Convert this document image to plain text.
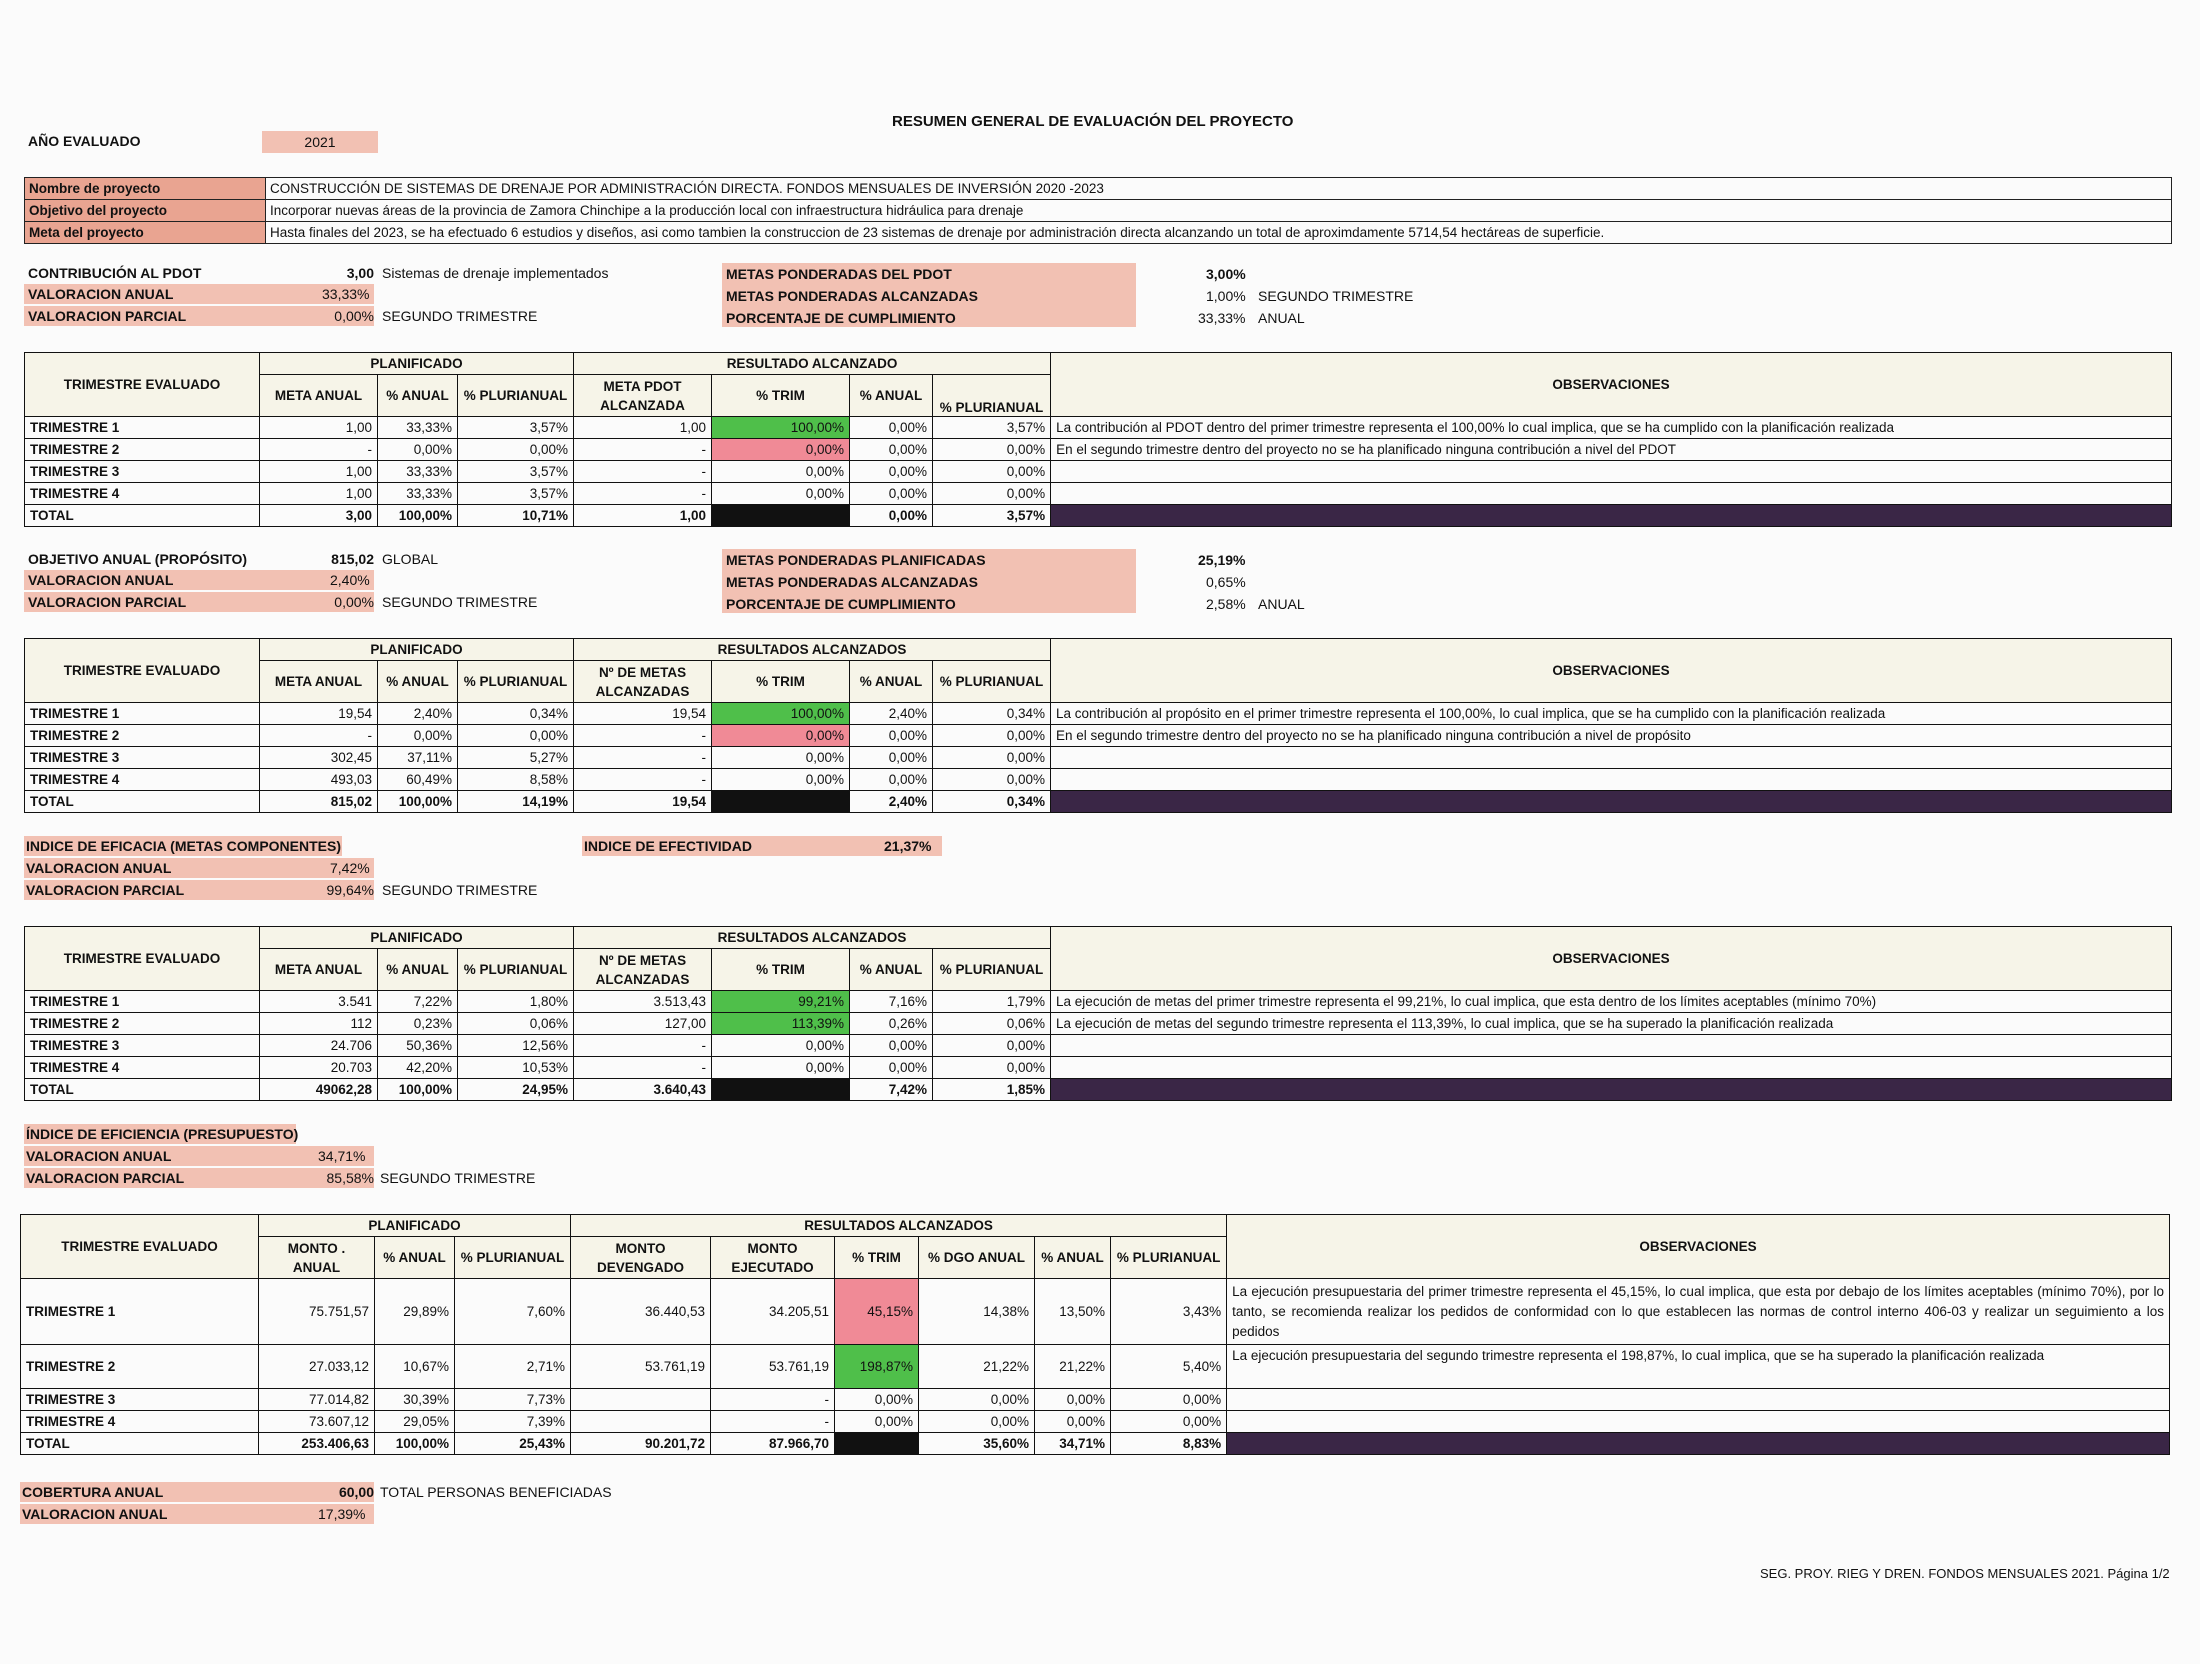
RESUMEN GENERAL DE EVALUACIÓN DEL PROYECTO
AÑO EVALUADO	2021
Nombre de proyecto	CONSTRUCCIÓN DE SISTEMAS DE DRENAJE POR ADMINISTRACIÓN DIRECTA. FONDOS MENSUALES DE INVERSIÓN 2020 -2023
Objetivo del proyecto	Incorporar nuevas áreas de la provincia de Zamora Chinchipe a la producción local con infraestructura hidráulica para drenaje
Meta del proyecto	Hasta finales del 2023, se ha efectuado 6 estudios y diseños, asi como tambien la construccion de 23 sistemas de drenaje por administración directa alcanzando un total de aproximdamente 5714,54 hectáreas de superficie.
CONTRIBUCIÓN AL PDOT	3,00 Sistemas de drenaje implementados
VALORACION ANUAL	33,33%
VALORACION PARCIAL	0,00% SEGUNDO TRIMESTRE
METAS PONDERADAS DEL PDOT	3,00%
METAS PONDERADAS ALCANZADAS	1,00% SEGUNDO TRIMESTRE
PORCENTAJE DE CUMPLIMIENTO	33,33% ANUAL
TRIMESTRE EVALUADO	PLANIFICADO			RESULTADO ALCANZADO				OBSERVACIONES
	META ANUAL	% ANUAL	% PLURIANUAL	META PDOT ALCANZADA	% TRIM	% ANUAL	% PLURIANUAL	
TRIMESTRE 1	1,00	33,33%	3,57%	1,00	100,00%	0,00%	3,57%	La contribución al PDOT dentro del primer trimestre representa el 100,00% lo cual implica, que se ha cumplido con la planificación realizada
TRIMESTRE 2	-	0,00%	0,00%	-	0,00%	0,00%	0,00%	En el segundo trimestre dentro del proyecto no se ha planificado ninguna contribución a nivel del PDOT
TRIMESTRE 3	1,00	33,33%	3,57%	-	0,00%	0,00%	0,00%	
TRIMESTRE 4	1,00	33,33%	3,57%	-	0,00%	0,00%	0,00%	
TOTAL	3,00	100,00%	10,71%	1,00		0,00%	3,57%	
OBJETIVO ANUAL (PROPÓSITO)	815,02 GLOBAL
VALORACION ANUAL	2,40%
VALORACION PARCIAL	0,00% SEGUNDO TRIMESTRE
METAS PONDERADAS PLANIFICADAS	25,19%
METAS PONDERADAS ALCANZADAS	0,65%
PORCENTAJE DE CUMPLIMIENTO	2,58% ANUAL
TRIMESTRE EVALUADO	PLANIFICADO			RESULTADOS ALCANZADOS				OBSERVACIONES
	META ANUAL	% ANUAL	% PLURIANUAL	Nº DE METAS ALCANZADAS	% TRIM	% ANUAL	% PLURIANUAL	
TRIMESTRE 1	19,54	2,40%	0,34%	19,54	100,00%	2,40%	0,34%	La contribución al propósito en el primer trimestre representa el 100,00%, lo cual implica, que se ha cumplido con la planificación realizada
TRIMESTRE 2	-	0,00%	0,00%	-	0,00%	0,00%	0,00%	En el segundo trimestre dentro del proyecto no se ha planificado ninguna contribución a nivel de propósito
TRIMESTRE 3	302,45	37,11%	5,27%	-	0,00%	0,00%	0,00%	
TRIMESTRE 4	493,03	60,49%	8,58%	-	0,00%	0,00%	0,00%	
TOTAL	815,02	100,00%	14,19%	19,54		2,40%	0,34%	
INDICE DE EFICACIA (METAS COMPONENTES)
VALORACION ANUAL	7,42%
VALORACION PARCIAL	99,64% SEGUNDO TRIMESTRE
INDICE DE EFECTIVIDAD	21,37%
TRIMESTRE EVALUADO	PLANIFICADO			RESULTADOS ALCANZADOS				OBSERVACIONES
	META ANUAL	% ANUAL	% PLURIANUAL	Nº DE METAS ALCANZADAS	% TRIM	% ANUAL	% PLURIANUAL	
TRIMESTRE 1	3.541	7,22%	1,80%	3.513,43	99,21%	7,16%	1,79%	La ejecución de metas del primer trimestre representa el 99,21%, lo cual implica, que esta dentro de los límites aceptables (mínimo 70%)
TRIMESTRE 2	112	0,23%	0,06%	127,00	113,39%	0,26%	0,06%	La ejecución de metas del segundo trimestre representa el 113,39%, lo cual implica, que se ha superado la planificación realizada
TRIMESTRE 3	24.706	50,36%	12,56%	-	0,00%	0,00%	0,00%	
TRIMESTRE 4	20.703	42,20%	10,53%	-	0,00%	0,00%	0,00%	
TOTAL	49062,28	100,00%	24,95%	3.640,43		7,42%	1,85%	
ÍNDICE DE EFICIENCIA (PRESUPUESTO)
VALORACION ANUAL	34,71%
VALORACION PARCIAL	85,58% SEGUNDO TRIMESTRE
TRIMESTRE EVALUADO	PLANIFICADO			RESULTADOS ALCANZADOS						OBSERVACIONES
	MONTO . ANUAL	% ANUAL	% PLURIANUAL	MONTO DEVENGADO	MONTO EJECUTADO	% TRIM	% DGO ANUAL	% ANUAL	% PLURIANUAL	
TRIMESTRE 1	75.751,57	29,89%	7,60%	36.440,53	34.205,51	45,15%	14,38%	13,50%	3,43%	La ejecución presupuestaria del primer trimestre representa el 45,15%, lo cual implica, que esta por debajo de los límites aceptables (mínimo 70%), por lo tanto, se recomienda realizar los pedidos de conformidad con lo que establecen las normas de control interno 406-03 y realizar un seguimiento a los pedidos
TRIMESTRE 2	27.033,12	10,67%	2,71%	53.761,19	53.761,19	198,87%	21,22%	21,22%	5,40%	La ejecución presupuestaria del segundo trimestre representa el 198,87%, lo cual implica, que se ha superado la planificación realizada
TRIMESTRE 3	77.014,82	30,39%	7,73%		-	0,00%	0,00%	0,00%	0,00%	
TRIMESTRE 4	73.607,12	29,05%	7,39%		-	0,00%	0,00%	0,00%	0,00%	
TOTAL	253.406,63	100,00%	25,43%	90.201,72	87.966,70		35,60%	34,71%	8,83%	
COBERTURA ANUAL	60,00 TOTAL PERSONAS BENEFICIADAS
VALORACION ANUAL	17,39%
SEG. PROY. RIEG Y DREN. FONDOS MENSUALES 2021. Página 1/2
